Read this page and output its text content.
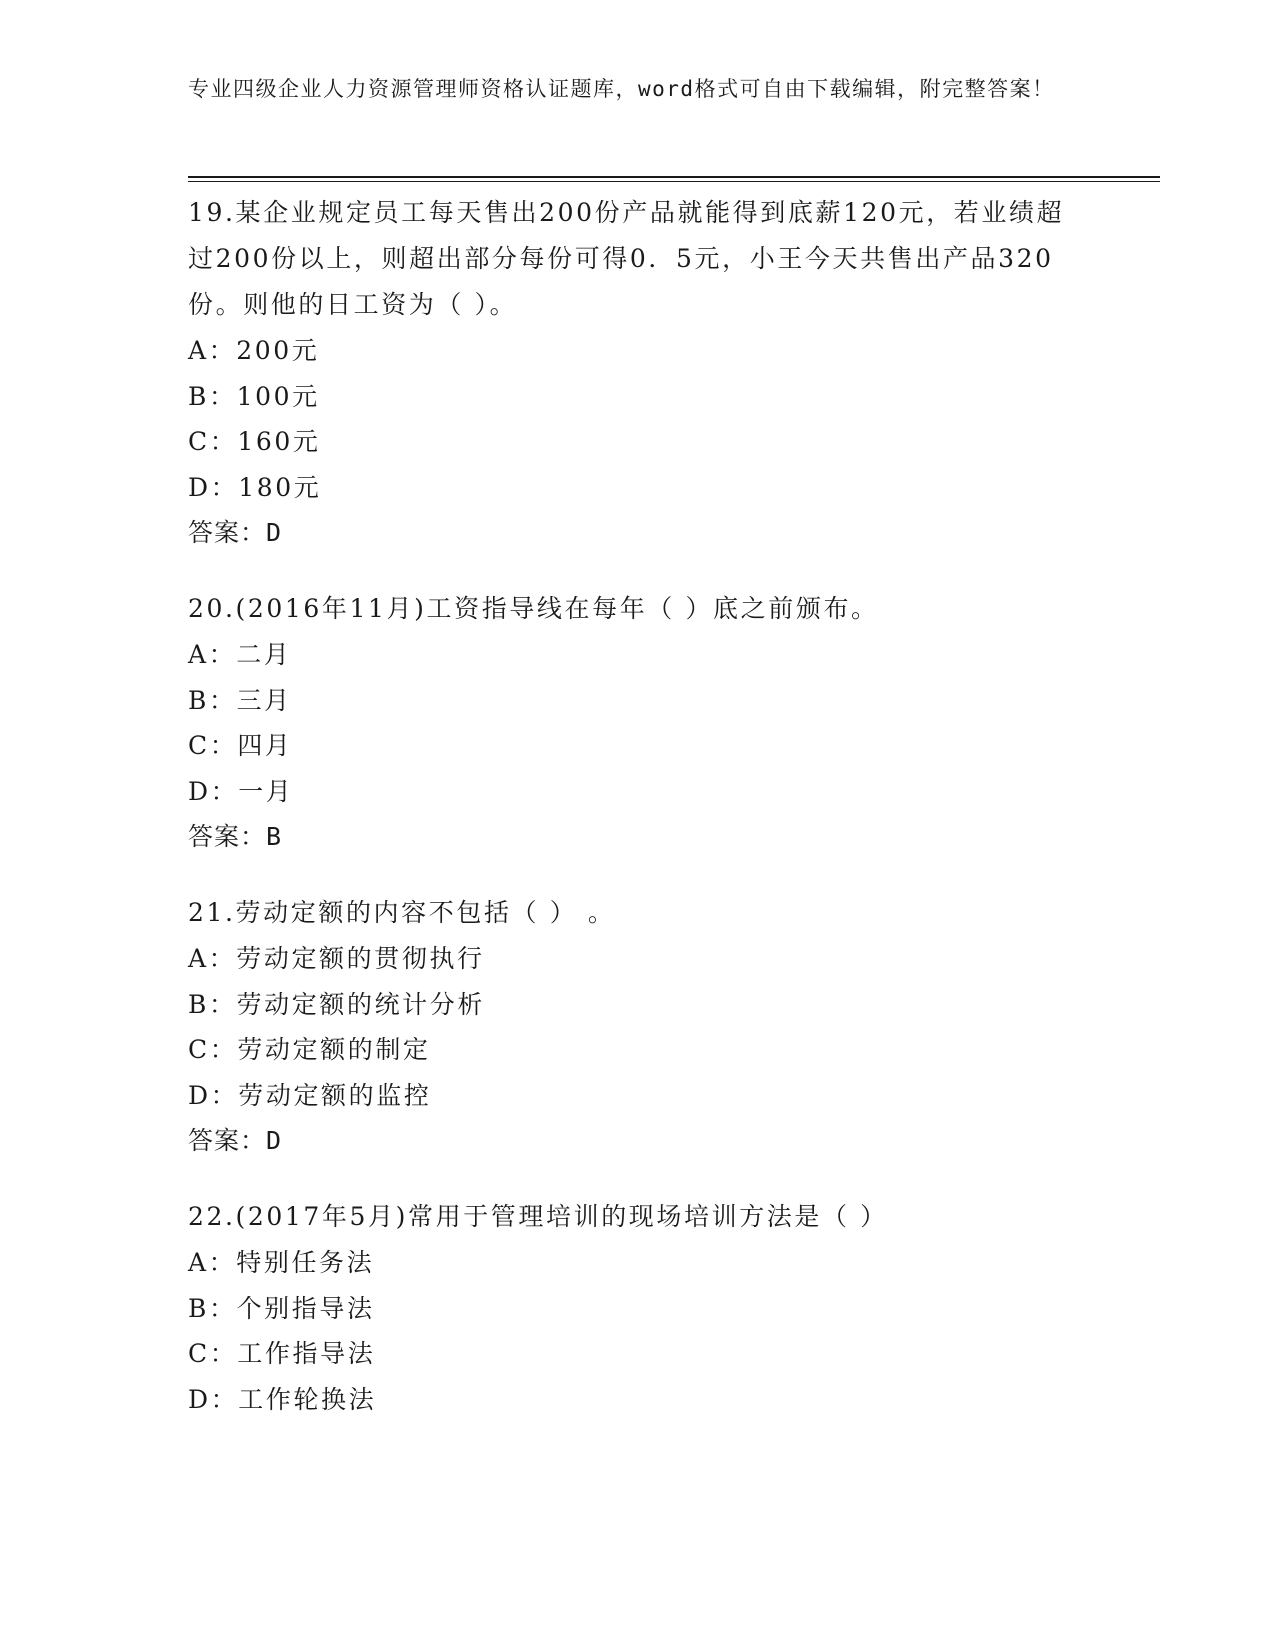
专业四级企业人力资源管理师资格认证题库，word格式可自由下载编辑，附完整答案！
19.某企业规定员工每天售出200份产品就能得到底薪120元，若业绩超过200份以上，则超出部分每份可得0．5元，小王今天共售出产品320份。则他的日工资为（ ）。
A：200元
B：100元
C：160元
D：180元
答案：D
20.(2016年11月)工资指导线在每年（ ）底之前颁布。
A：二月
B：三月
C：四月
D：一月
答案：B
21.劳动定额的内容不包括（ ） 。
A：劳动定额的贯彻执行
B：劳动定额的统计分析
C：劳动定额的制定
D：劳动定额的监控
答案：D
22.(2017年5月)常用于管理培训的现场培训方法是（ ）
A：特别任务法
B：个别指导法
C：工作指导法
D：工作轮换法
